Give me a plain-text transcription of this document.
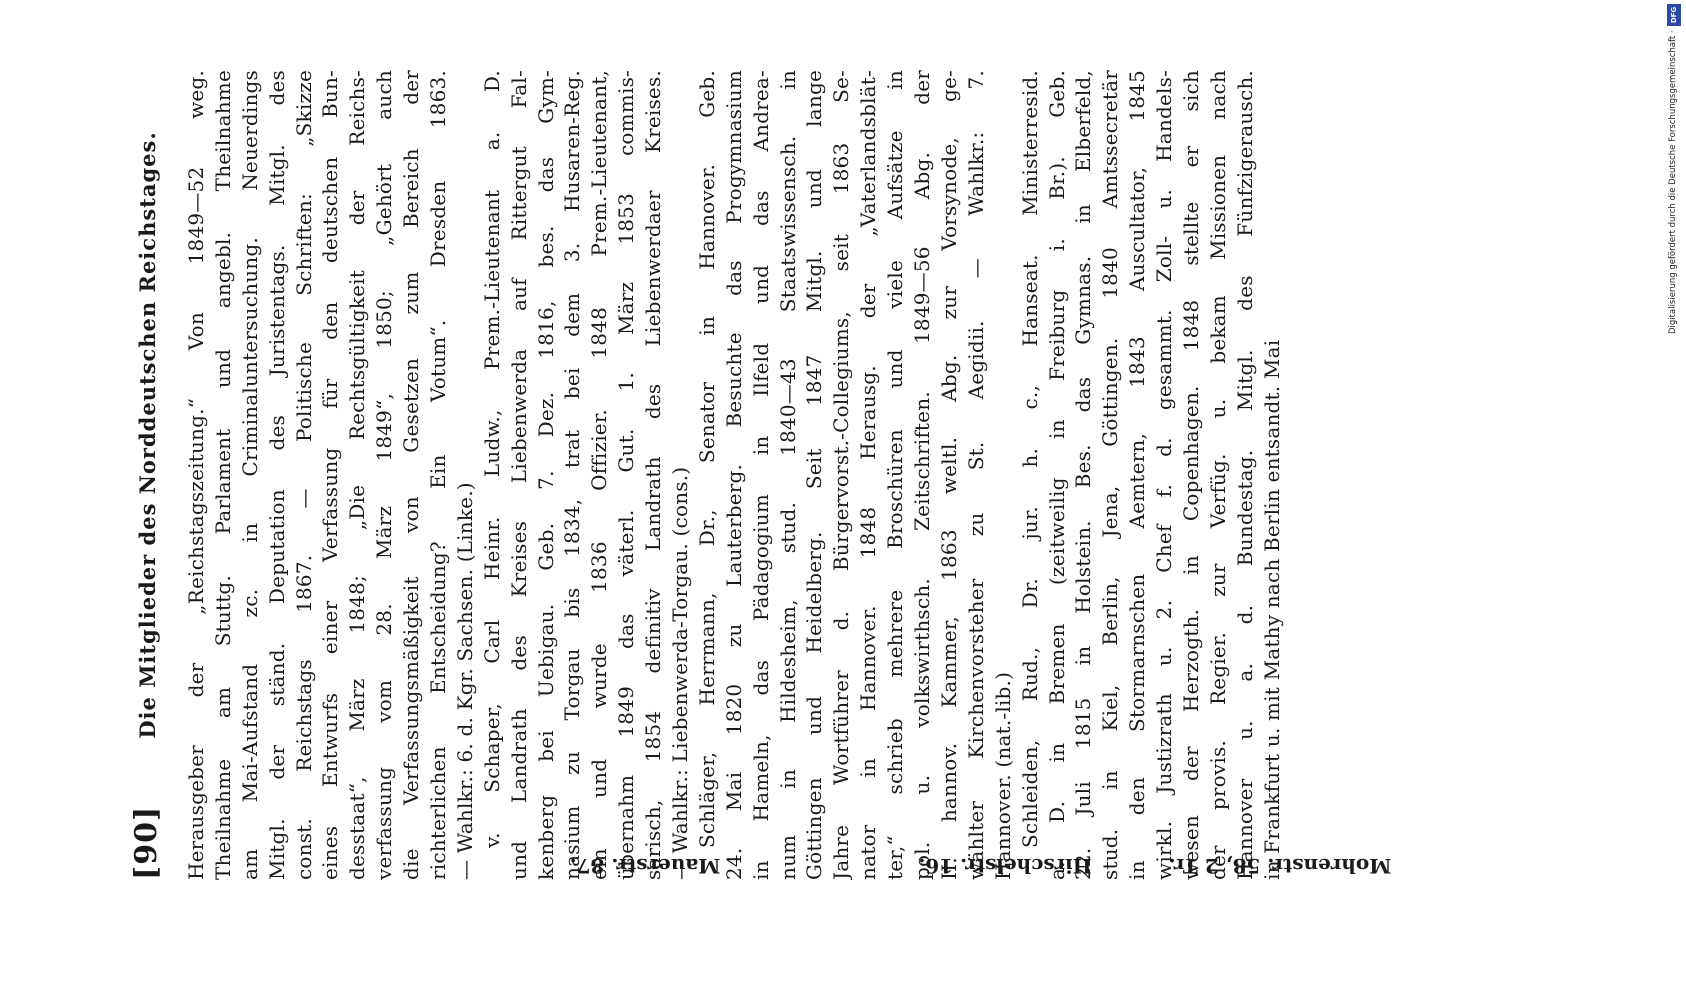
[90]
Die Mitglieder des Norddeutschen Reichstages. Herausgeber der „Reichstagszeitung.“ Von 1849—52 weg. Theilnahme am Stuttg. Parlament und angebl. Theilnahme am Mai-Aufstand zc. in Criminaluntersuchung. Neuerdings Mitgl. der ständ. Deputation des Juristentags. Mitgl. des const. Reichstags 1867. — Politische Schriften: „Skizze eines Entwurfs einer Verfassung für den deutschen Bun- desstaat“, März 1848; „Die Rechtsgültigkeit der Reichs- verfassung vom 28. März 1849“, 1850; „Gehört auch die Verfassungsmäßigkeit von Gesetzen zum Bereich der richterlichen Entscheidung? Ein Votum“. Dresden 1863. — Wahlkr.: 6. d. Kgr. Sachsen. (Linke.) v. Schaper, Carl Heinr. Ludw., Prem.-Lieutenant a. D. und Landrath des Kreises Liebenwerda auf Rittergut Fal- kenberg bei Uebigau. Geb. 7. Dez. 1816, bes. das Gym- nasium zu Torgau bis 1834, trat bei dem 3. Husaren-Reg. ein und wurde 1836 Offizier. 1848 Prem.-Lieutenant, übernahm 1849 das väterl. Gut. 1. März 1853 commis- sarisch, 1854 definitiv Landrath des Liebenwerdaer Kreises. — Wahlkr.: Liebenwerda-Torgau. (cons.) Schläger, Herrmann, Dr., Senator in Hannover. Geb. 24. Mai 1820 zu Lauterberg. Besuchte das Progymnasium in Hameln, das Pädagogium in Ilfeld und das Andrea- num in Hildesheim, stud. 1840—43 Staatswissensch. in Göttingen und Heidelberg. Seit 1847 Mitgl. und lange Jahre Wortführer d. Bürgervorst.-Collegiums, seit 1863 Se- nator in Hannover. 1848 Herausg. der „Vaterlandsblät- ter,“ schrieb mehrere Broschüren und viele Aufsätze in pol. u. volkswirthsch. Zeitschriften. 1849—56 Abg. der II. hannov. Kammer, 1863 weltl. Abg. zur Vorsynode, ge- wählter Kirchenvorsteher zu St. Aegidii. — Wahlkr.: 7. Hannover. (nat.-lib.) Schleiden, Rud., Dr. jur. h. c., Hanseat. Ministerresid. a. D. in Bremen (zeitweilig in Freiburg i. Br.). Geb. 22. Juli 1815 in Holstein. Bes. das Gymnas. in Elberfeld, stud. in Kiel, Berlin, Jena, Göttingen. 1840 Amtssecretär in den Stormarnschen Aemtern, 1843 Auscultator, 1845 wirkl. Justizrath u. 2. Chef f. d. gesammt. Zoll- u. Handels- wesen der Herzogth. in Copenhagen. 1848 stellte er sich der provis. Regier. zur Verfüg. u. bekam Missionen nach Hannover u. a. d. Bundestag. Mitgl. des Fünfzigerausch. in Frankfurt u. mit Mathy nach Berlin entsandt. Mai
Mauerstr. 87.	Hirschelstr. 16.	Mohrenstr. 58, 2 Tr.
DFG
Digitalisierung gefördert durch die Deutsche Forschungsgemeinschaft ·
